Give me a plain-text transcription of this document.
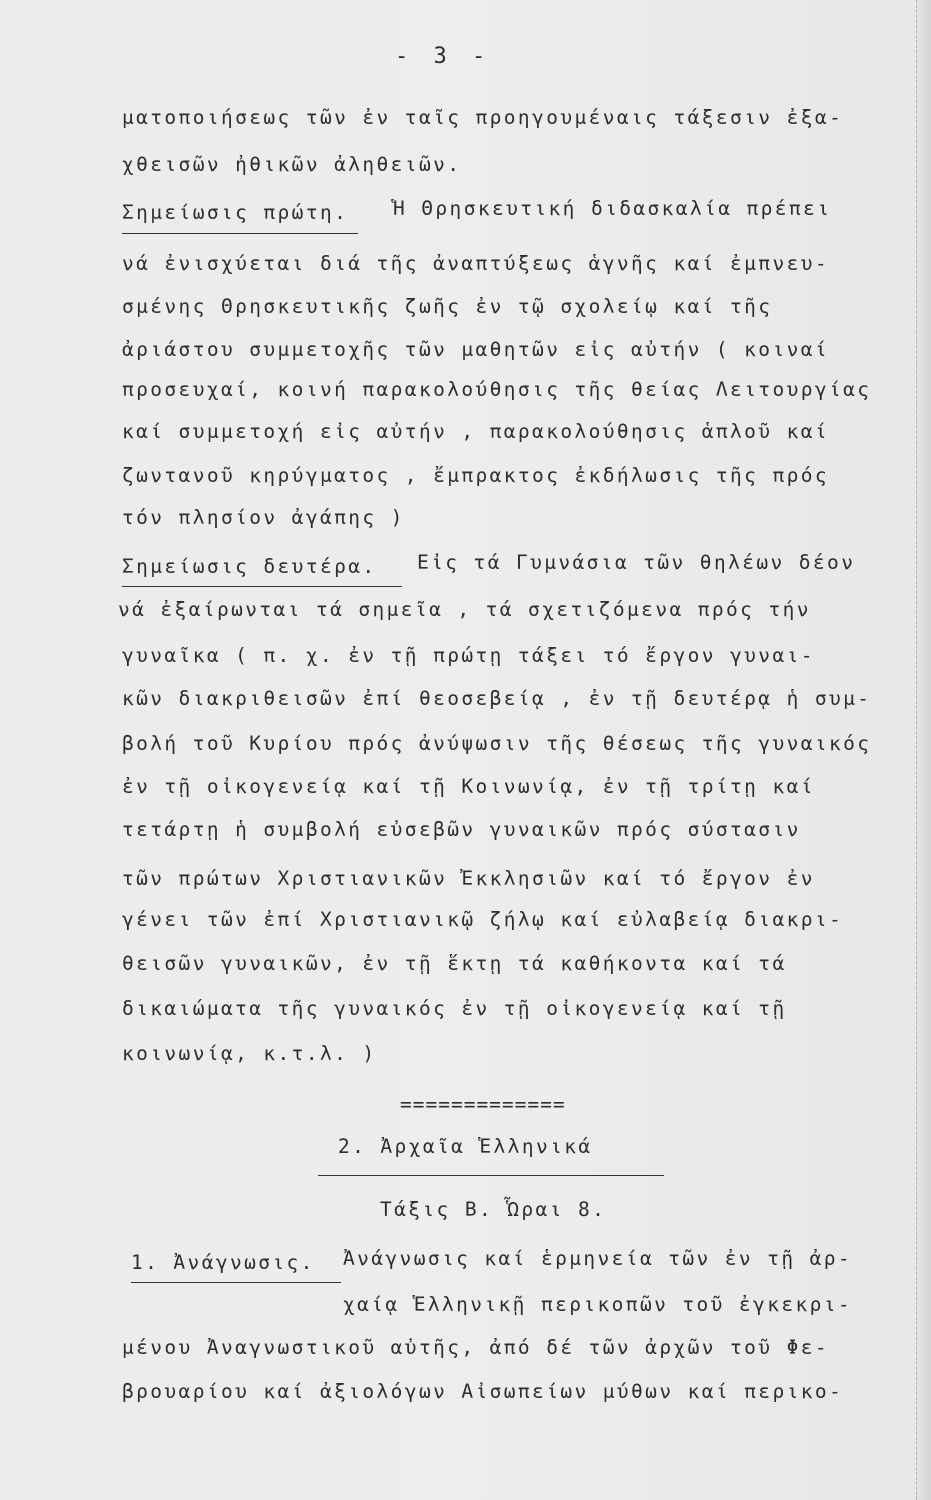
- 3 -
ματοποιήσεως τῶν ἐν ταῖς προηγουμέναις τάξεσιν ἐξα-
χθεισῶν ἠθικῶν ἀληθειῶν.
Σημείωσις πρώτη. Ἡ Θρησκευτική διδασκαλία πρέπει
νά ἐνισχύεται διά τῆς ἀναπτύξεως ἁγνῆς καί ἐμπνευ-
σμένης Θρησκευτικῆς ζωῆς ἐν τῷ σχολείῳ καί τῆς
ἀριάστου συμμετοχῆς τῶν μαθητῶν εἰς αὐτήν ( κοιναί
προσευχαί, κοινή παρακολούθησις τῆς θείας Λειτουργίας
καί συμμετοχή εἰς αὐτήν , παρακολούθησις ἁπλοῦ καί
ζωντανοῦ κηρύγματος , ἔμπρακτος ἐκδήλωσις τῆς πρός
τόν πλησίον ἀγάπης )
Σημείωσις δευτέρα. Εἰς τά Γυμνάσια τῶν θηλέων δέον
νά ἐξαίρωνται τά σημεῖα , τά σχετιζόμενα πρός τήν
γυναῖκα ( π. χ. ἐν τῇ πρώτῃ τάξει τό ἔργον γυναι-
κῶν διακριθεισῶν ἐπί θεοσεβείᾳ , ἐν τῇ δευτέρᾳ ἡ συμ-
βολή τοῦ Κυρίου πρός ἀνύψωσιν τῆς θέσεως τῆς γυναικός
ἐν τῇ οἰκογενείᾳ καί τῇ Κοινωνίᾳ, ἐν τῇ τρίτῃ καί
τετάρτῃ ἡ συμβολή εὐσεβῶν γυναικῶν πρός σύστασιν
τῶν πρώτων Χριστιανικῶν Ἐκκλησιῶν καί τό ἔργον ἐν
γένει τῶν ἐπί Χριστιανικῷ ζήλῳ καί εὐλαβείᾳ διακρι-
θεισῶν γυναικῶν, ἐν τῇ ἕκτῃ τά καθήκοντα καί τά
δικαιώματα τῆς γυναικός ἐν τῇ οἰκογενείᾳ καί τῇ
κοινωνίᾳ, κ.τ.λ. )
=============
2. Ἀρχαῖα Ἑλληνικά
Τάξις Β. Ὧραι 8.
1. Ἀνάγνωσις. Ἀνάγνωσις καί ἑρμηνεία τῶν ἐν τῇ ἀρ-
χαίᾳ Ἑλληνικῇ περικοπῶν τοῦ ἐγκεκρι-
μένου Ἀναγνωστικοῦ αὐτῆς, ἀπό δέ τῶν ἀρχῶν τοῦ Φε-
βρουαρίου καί ἀξιολόγων Αἰσωπείων μύθων καί περικο-
